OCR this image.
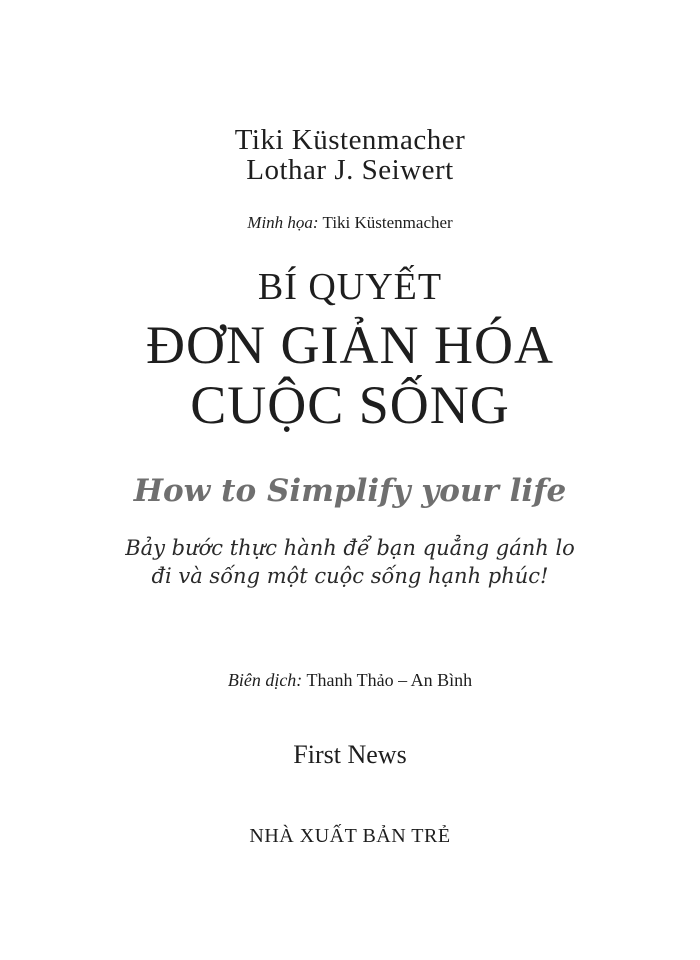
Tiki Küstenmacher
Lothar J. Seiwert
Minh họa: Tiki Küstenmacher
BÍ QUYẾT
ĐƠN GIẢN HÓA
CUỘC SỐNG
How to Simplify your life
Bảy bước thực hành để bạn quẳng gánh lo
đi và sống một cuộc sống hạnh phúc!
Biên dịch: Thanh Thảo – An Bình
First News
NHÀ XUẤT BẢN TRẺ
